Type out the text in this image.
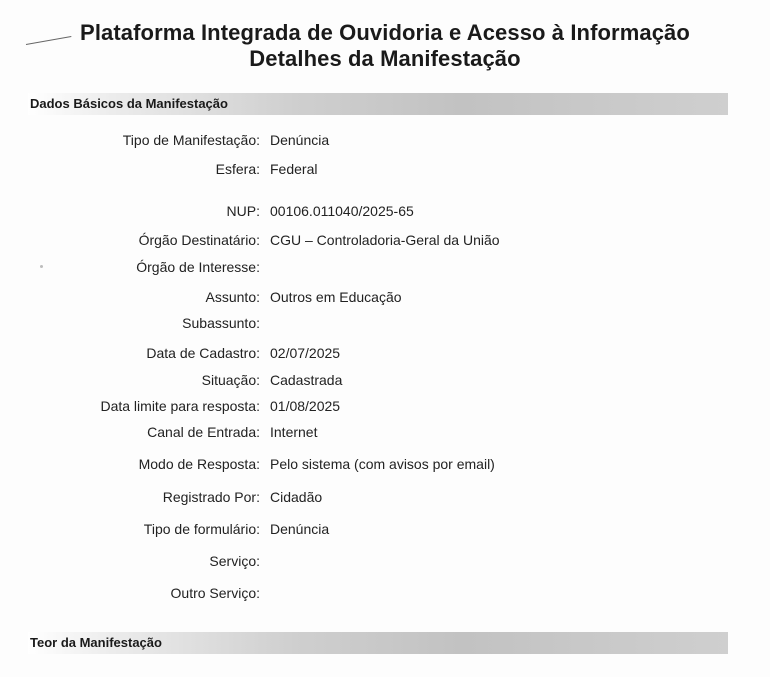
Plataforma Integrada de Ouvidoria e Acesso à Informação
Detalhes da Manifestação
Dados Básicos da Manifestação
Tipo de Manifestação: Denúncia
Esfera: Federal
NUP: 00106.011040/2025-65
Órgão Destinatário: CGU – Controladoria-Geral da União
Órgão de Interesse:
Assunto: Outros em Educação
Subassunto:
Data de Cadastro: 02/07/2025
Situação: Cadastrada
Data limite para resposta: 01/08/2025
Canal de Entrada: Internet
Modo de Resposta: Pelo sistema (com avisos por email)
Registrado Por: Cidadão
Tipo de formulário: Denúncia
Serviço:
Outro Serviço:
Teor da Manifestação
